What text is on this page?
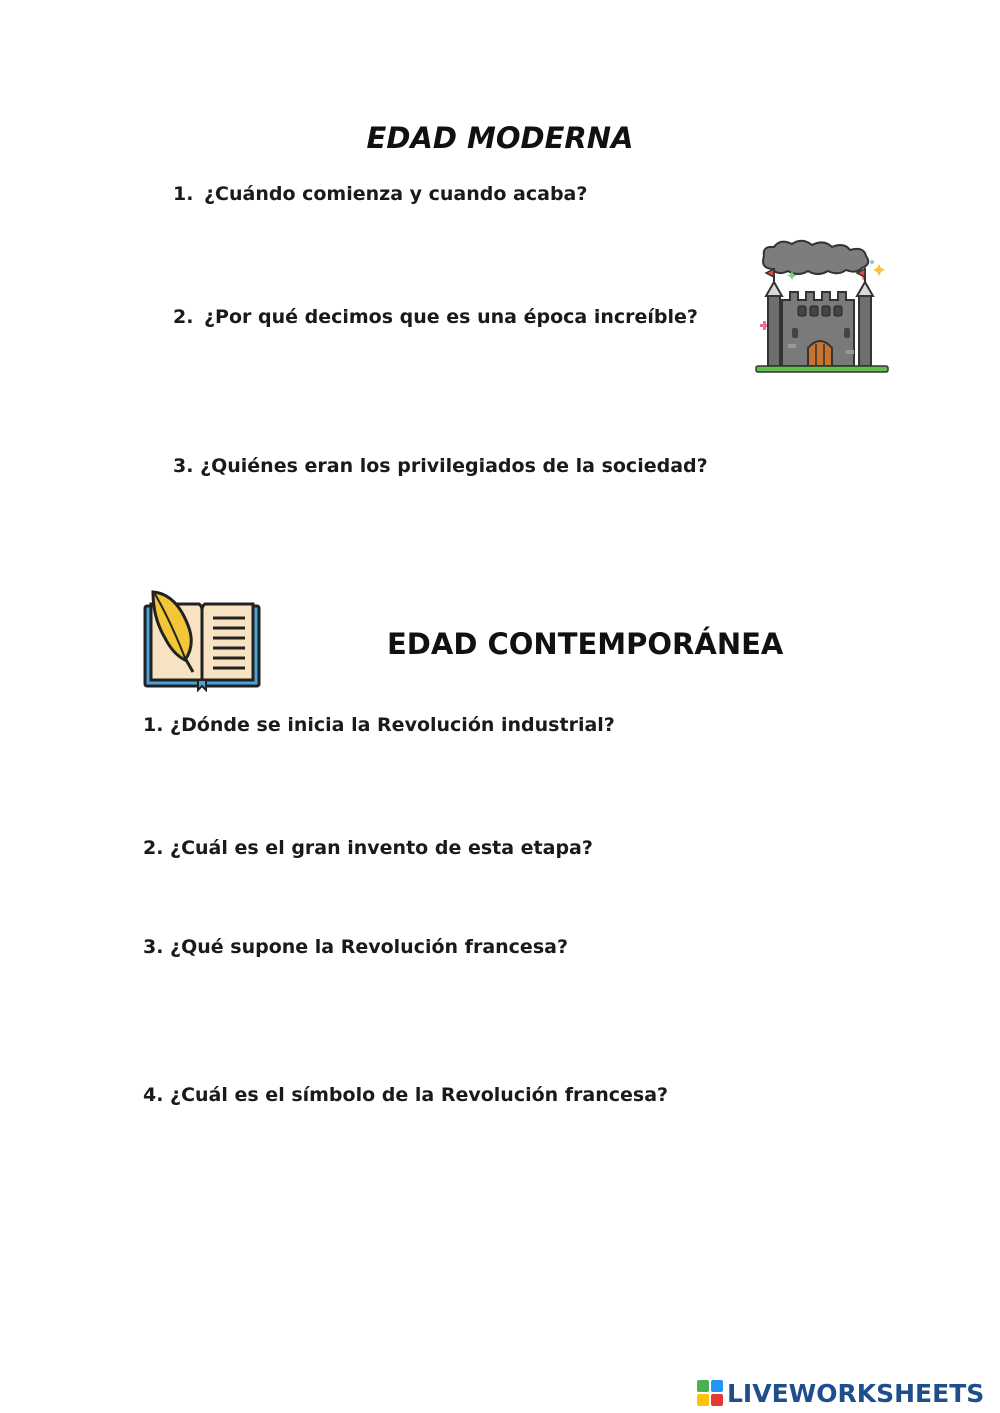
EDAD MODERNA
1. ¿Cuándo comienza y cuando acaba?
2. ¿Por qué decimos que es una época increíble?
3. ¿Quiénes eran los privilegiados de la sociedad?
EDAD CONTEMPORÁNEA
1. ¿Dónde se inicia la Revolución industrial?
2. ¿Cuál es el gran invento de esta etapa?
3. ¿Qué supone la Revolución francesa?
4. ¿Cuál es el símbolo de la Revolución francesa?
LIVEWORKSHEETS
